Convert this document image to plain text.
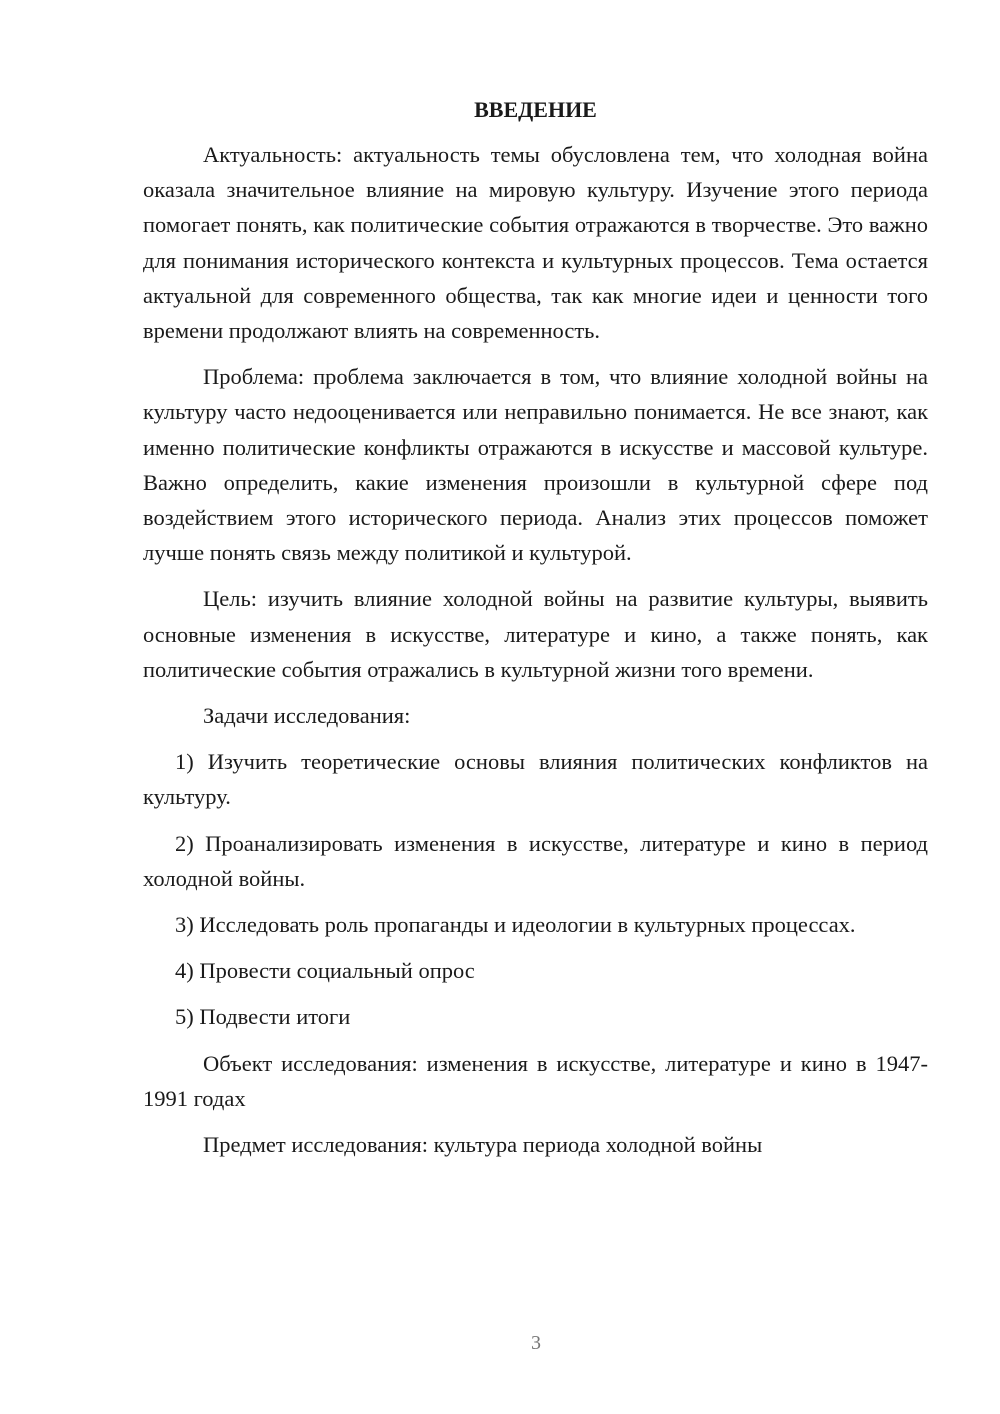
ВВЕДЕНИЕ

Актуальность: актуальность темы обусловлена тем, что холодная война оказала значительное влияние на мировую культуру. Изучение этого периода помогает понять, как политические события отражаются в творчестве. Это важно для понимания исторического контекста и культурных процессов. Тема остается актуальной для современного общества, так как многие идеи и ценности того времени продолжают влиять на современность.

Проблема: проблема заключается в том, что влияние холодной войны на культуру часто недооценивается или неправильно понимается. Не все знают, как именно политические конфликты отражаются в искусстве и массовой культуре. Важно определить, какие изменения произошли в культурной сфере под воздействием этого исторического периода. Анализ этих процессов поможет лучше понять связь между политикой и культурой.

Цель: изучить влияние холодной войны на развитие культуры, выявить основные изменения в искусстве, литературе и кино, а также понять, как политические события отражались в культурной жизни того времени.

Задачи исследования:

1) Изучить теоретические основы влияния политических конфликтов на культуру.

2) Проанализировать изменения в искусстве, литературе и кино в период холодной войны.

3) Исследовать роль пропаганды и идеологии в культурных процессах.

4) Провести социальный опрос

5) Подвести итоги

Объект исследования: изменения в искусстве, литературе и кино в 1947-1991 годах

Предмет исследования: культура периода холодной войны

3
